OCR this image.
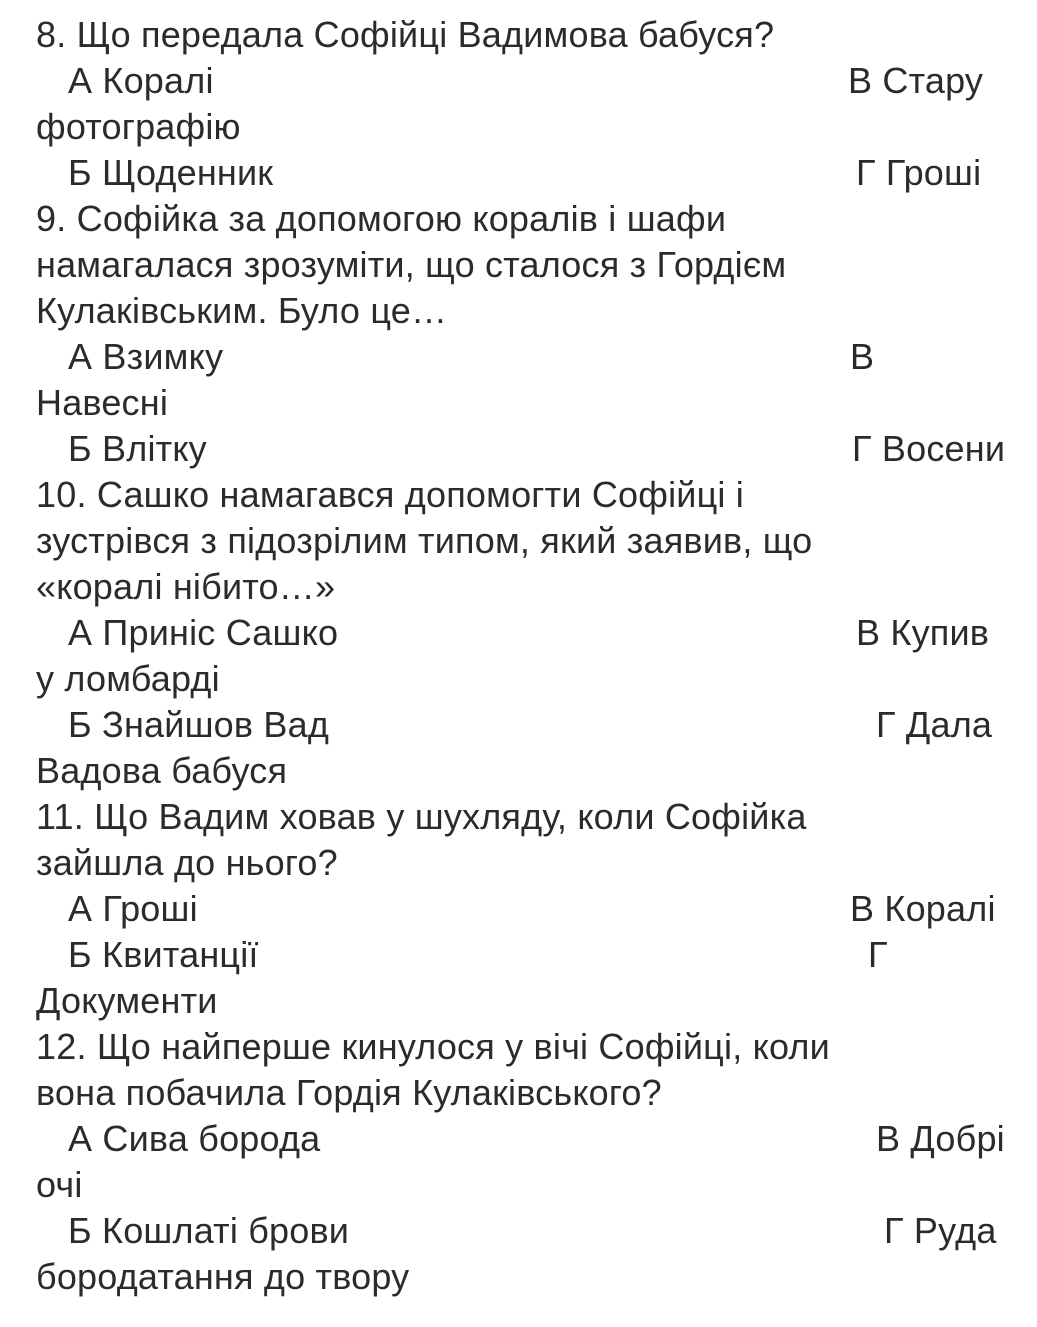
8. Що передала Софійці Вадимова бабуся?
А Коралі	В Стару
фотографію
Б Щоденник	Г Гроші
9. Софійка за допомогою коралів і шафи
намагалася зрозуміти, що сталося з Гордієм
Кулаківським. Було це…
А Взимку	В
Навесні
Б Влітку	Г Восени
10. Сашко намагався допомогти Софійці і
зустрівся з підозрілим типом, який заявив, що
«коралі нібито…»
А Приніс Сашко	В Купив
у ломбарді
Б Знайшов Вад	Г Дала
Вадова бабуся
11. Що Вадим ховав у шухляду, коли Софійка
зайшла до нього?
А Гроші	В Коралі
Б Квитанції	Г
Документи
12. Що найперше кинулося у вічі Софійці, коли
вона побачила Гордія Кулаківського?
А Сива борода	В Добрі
очі
Б Кошлаті брови	Г Руда
бородатання до твору
